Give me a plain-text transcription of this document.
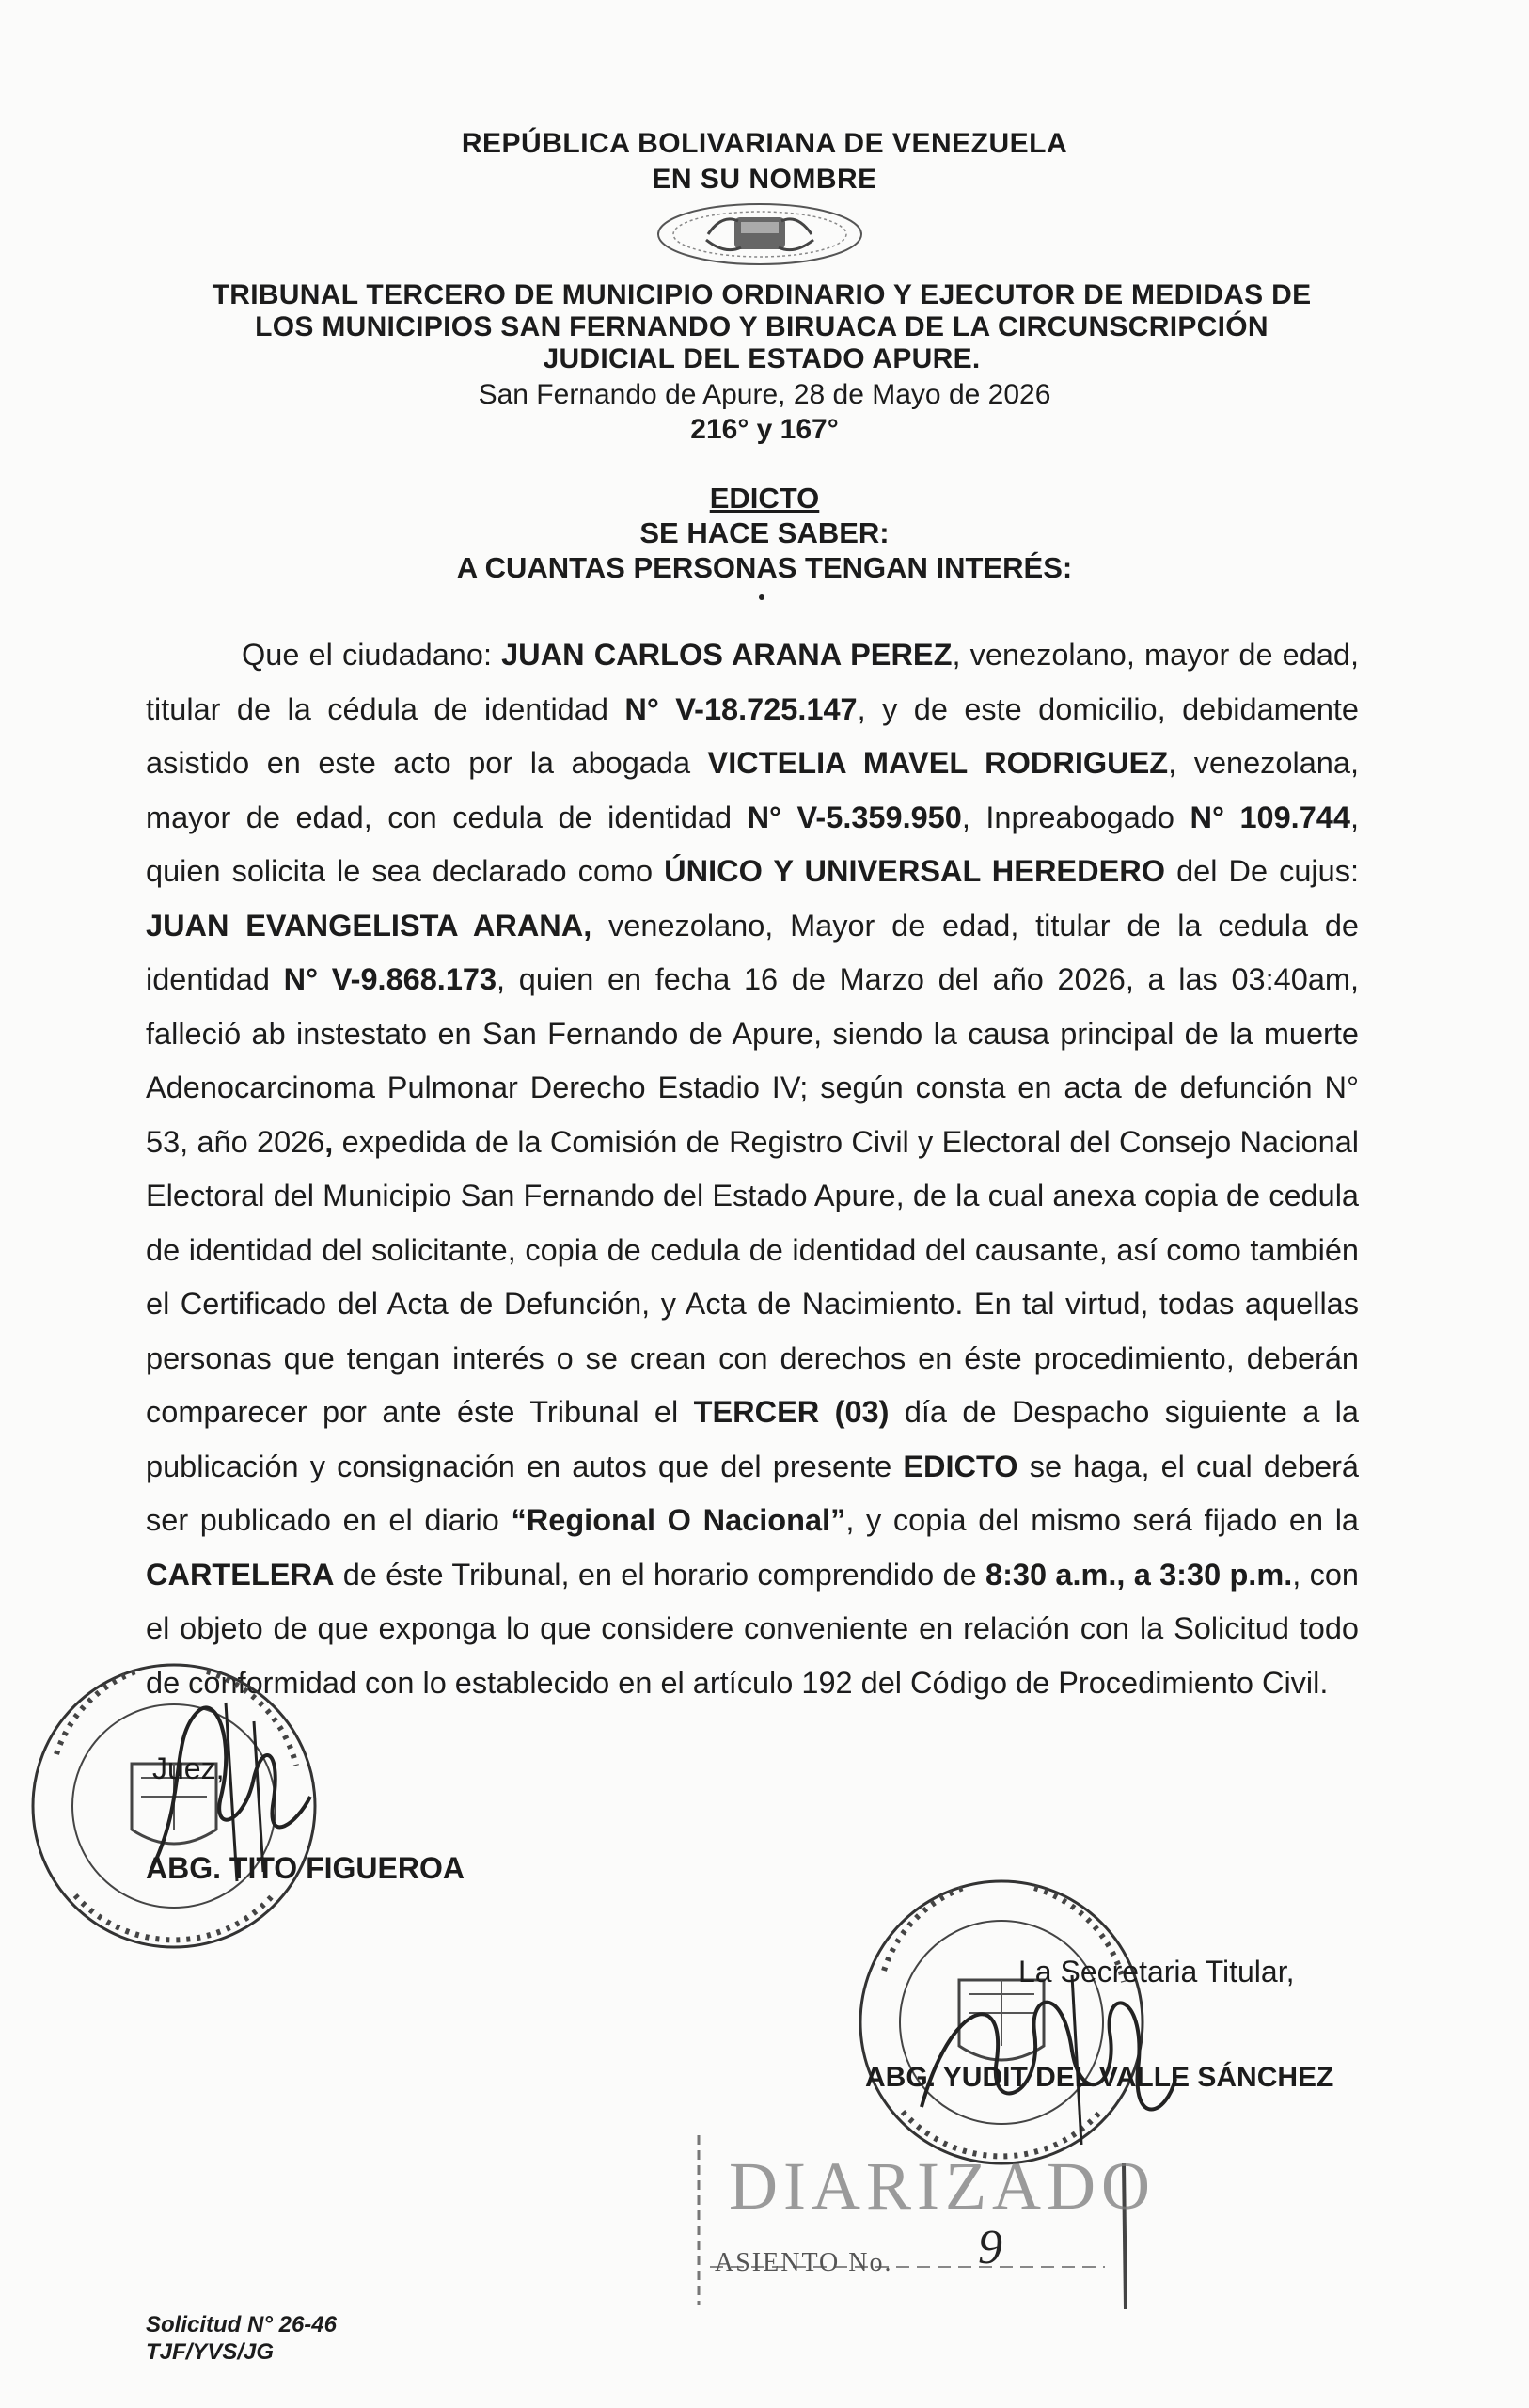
REPÚBLICA BOLIVARIANA DE VENEZUELA
EN SU NOMBRE
TRIBUNAL TERCERO DE MUNICIPIO ORDINARIO Y EJECUTOR DE MEDIDAS DE LOS MUNICIPIOS SAN FERNANDO Y BIRUACA DE LA CIRCUNSCRIPCIÓN JUDICIAL DEL ESTADO APURE.
San Fernando de Apure, 28 de Mayo de 2026
216° y 167°
EDICTO
SE HACE SABER:
A CUANTAS PERSONAS TENGAN INTERÉS:
Que el ciudadano: JUAN CARLOS ARANA PEREZ, venezolano, mayor de edad, titular de la cédula de identidad N° V-18.725.147, y de este domicilio, debidamente asistido en este acto por la abogada VICTELIA MAVEL RODRIGUEZ, venezolana, mayor de edad, con cedula de identidad N° V-5.359.950, Inpreabogado N° 109.744, quien solicita le sea declarado como ÚNICO Y UNIVERSAL HEREDERO del De cujus: JUAN EVANGELISTA ARANA, venezolano, Mayor de edad, titular de la cedula de identidad N° V-9.868.173, quien en fecha 16 de Marzo del año 2026, a las 03:40am, falleció ab instestato en San Fernando de Apure, siendo la causa principal de la muerte Adenocarcinoma Pulmonar Derecho Estadio IV; según consta en acta de defunción N° 53, año 2026, expedida de la Comisión de Registro Civil y Electoral del Consejo Nacional Electoral del Municipio San Fernando del Estado Apure, de la cual anexa copia de cedula de identidad del solicitante, copia de cedula de identidad del causante, así como también el Certificado del Acta de Defunción, y Acta de Nacimiento. En tal virtud, todas aquellas personas que tengan interés o se crean con derechos en éste procedimiento, deberán comparecer por ante éste Tribunal el TERCER (03) día de Despacho siguiente a la publicación y consignación en autos que del presente EDICTO se haga, el cual deberá ser publicado en el diario “Regional O Nacional”, y copia del mismo será fijado en la CARTELERA de éste Tribunal, en el horario comprendido de 8:30 a.m., a 3:30 p.m., con el objeto de que exponga lo que considere conveniente en relación con la Solicitud todo de conformidad con lo establecido en el artículo 192 del Código de Procedimiento Civil.
Juez,
ABG. TITO FIGUEROA
La Secretaria Titular,
ABG. YUDIT DEL VALLE SÁNCHEZ
DIARIZADO
ASIENTO No. 9
Solicitud N° 26-46
TJF/YVS/JG
